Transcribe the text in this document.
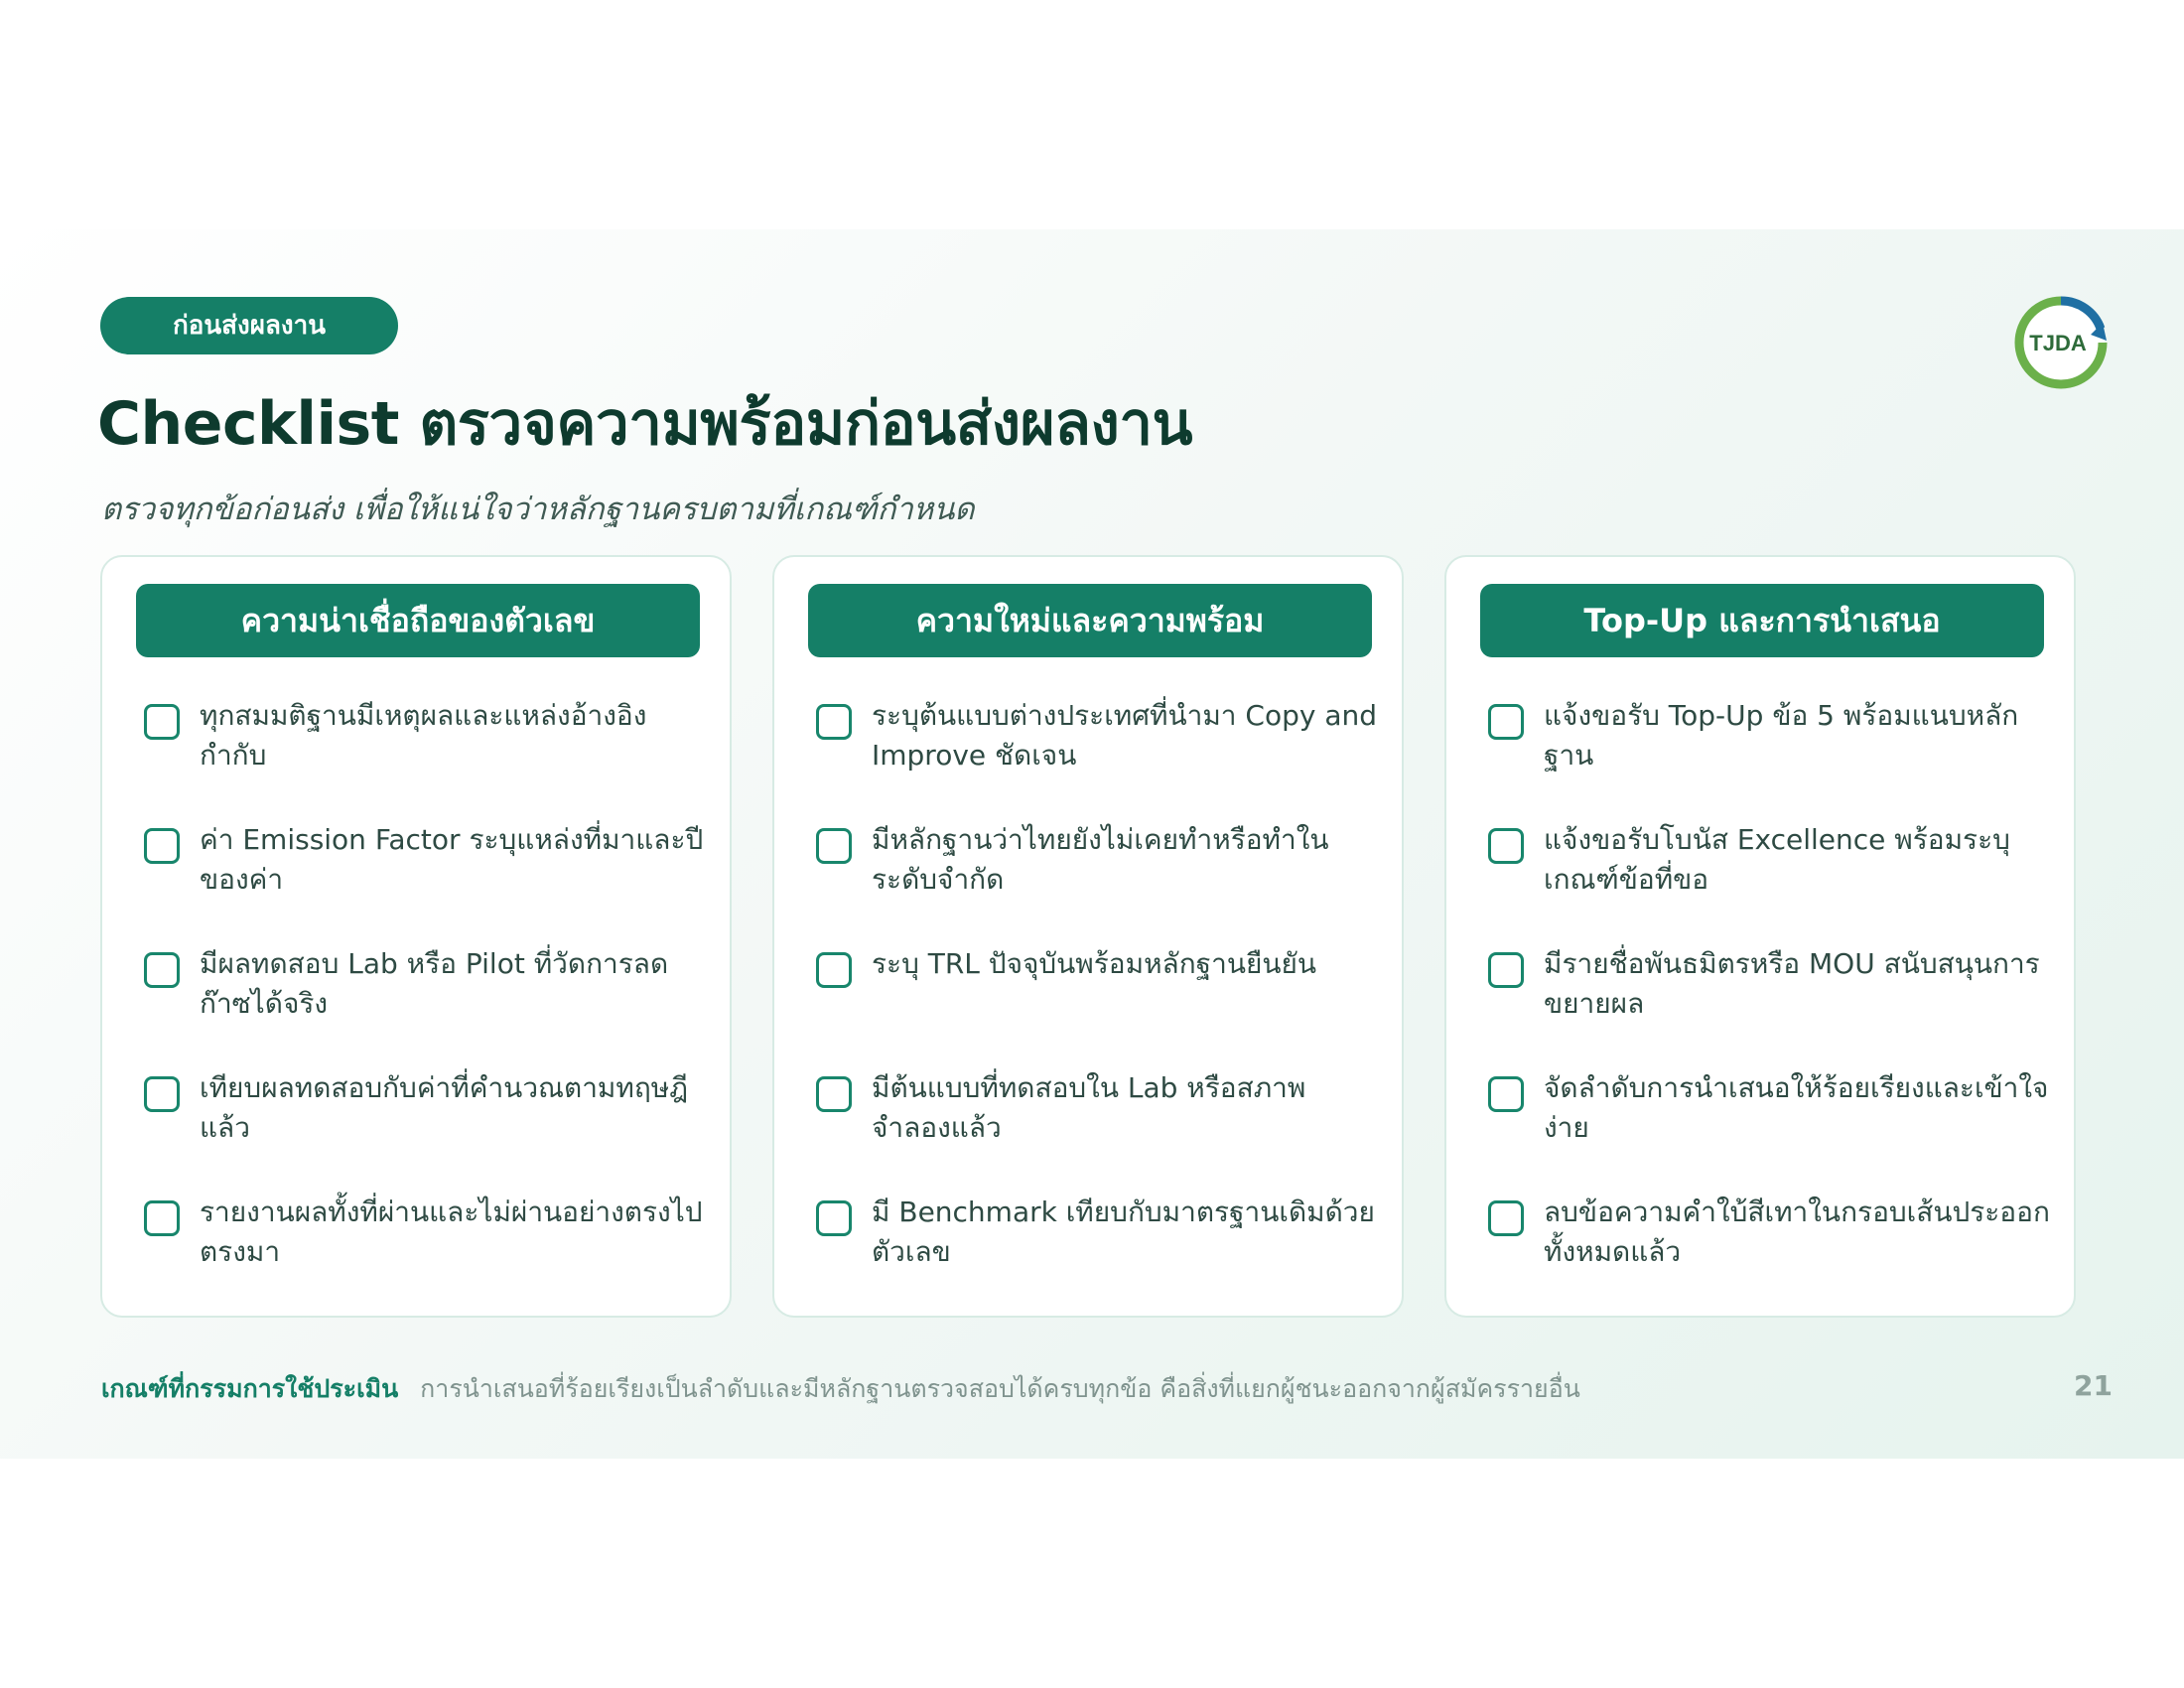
ก่อนส่งผลงาน
TJDA
Checklist ตรวจความพร้อมก่อนส่งผลงาน

ตรวจทุกข้อก่อนส่ง เพื่อให้แน่ใจว่าหลักฐานครบตามที่เกณฑ์กำหนด

ความน่าเชื่อถือของตัวเลข
ทุกสมมติฐานมีเหตุผลและแหล่งอ้างอิงกำกับ
ค่า Emission Factor ระบุแหล่งที่มาและปีของค่า
มีผลทดสอบ Lab หรือ Pilot ที่วัดการลดก๊าซได้จริง
เทียบผลทดสอบกับค่าที่คำนวณตามทฤษฎีแล้ว
รายงานผลทั้งที่ผ่านและไม่ผ่านอย่างตรงไปตรงมา
ความใหม่และความพร้อม
ระบุต้นแบบต่างประเทศที่นำมา Copy and Improve ชัดเจน
มีหลักฐานว่าไทยยังไม่เคยทำหรือทำในระดับจำกัด
ระบุ TRL ปัจจุบันพร้อมหลักฐานยืนยัน
มีต้นแบบที่ทดสอบใน Lab หรือสภาพจำลองแล้ว
มี Benchmark เทียบกับมาตรฐานเดิมด้วยตัวเลข
Top-Up และการนำเสนอ
แจ้งขอรับ Top-Up ข้อ 5 พร้อมแนบหลักฐาน
แจ้งขอรับโบนัส Excellence พร้อมระบุเกณฑ์ข้อที่ขอ
มีรายชื่อพันธมิตรหรือ MOU สนับสนุนการขยายผล
จัดลำดับการนำเสนอให้ร้อยเรียงและเข้าใจง่าย
ลบข้อความคำใบ้สีเทาในกรอบเส้นประออกทั้งหมดแล้ว
เกณฑ์ที่กรรมการใช้ประเมิน การนำเสนอที่ร้อยเรียงเป็นลำดับและมีหลักฐานตรวจสอบได้ครบทุกข้อ คือสิ่งที่แยกผู้ชนะออกจากผู้สมัครรายอื่น	21
